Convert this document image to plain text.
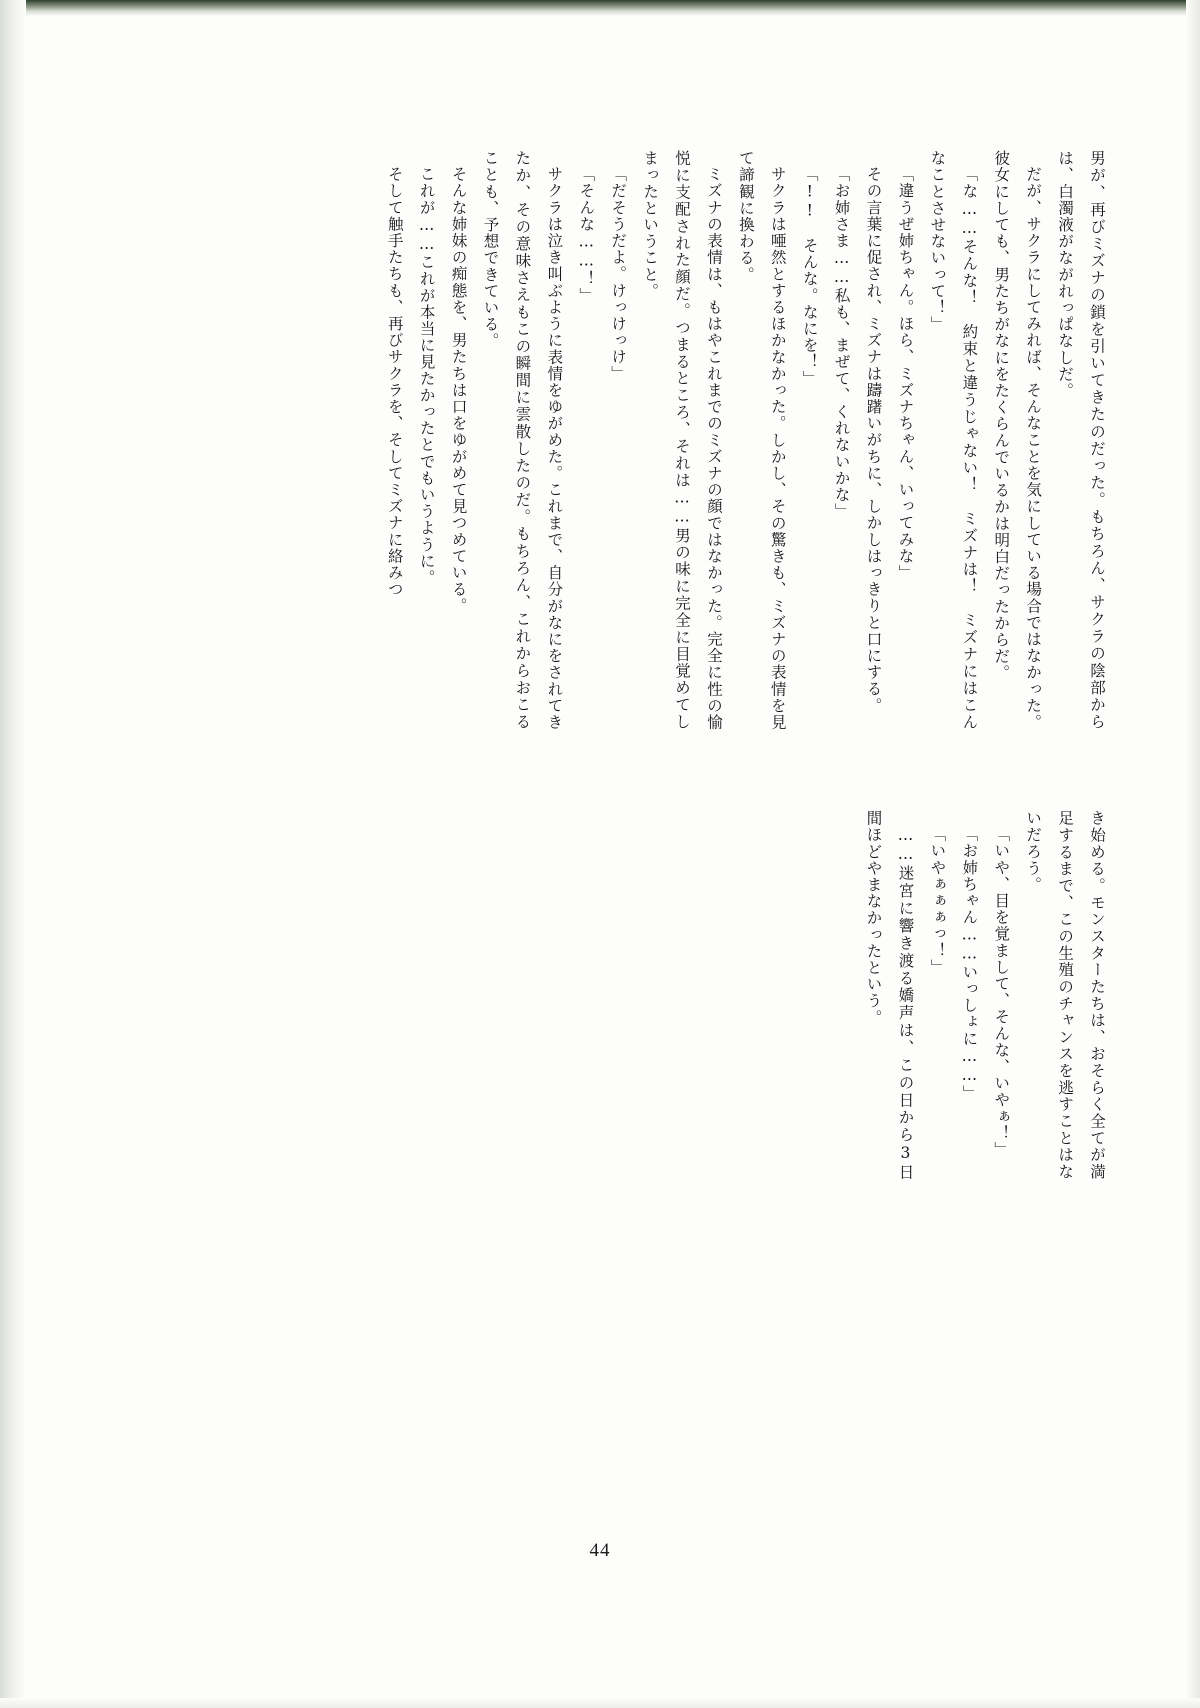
男が、再びミズナの鎖を引いてきたのだった。もちろん、サクラの陰部からは、白濁液がながれっぱなしだ。

だが、サクラにしてみれば、そんなことを気にしている場合ではなかった。彼女にしても、男たちがなにをたくらんでいるかは明白だったからだ。

「な……そんな！　約束と違うじゃない！　ミズナは！　ミズナにはこんなことさせないって！」

「違うぜ姉ちゃん。ほら、ミズナちゃん、いってみな」

その言葉に促され、ミズナは躊躇いがちに、しかしはっきりと口にする。

「お姉さま……私も、まぜて、くれないかな」

「!!　そんな。なにを！」

サクラは唖然とするほかなかった。しかし、その驚きも、ミズナの表情を見て諦観に換わる。

ミズナの表情は、もはやこれまでのミズナの顔ではなかった。完全に性の愉悦に支配された顔だ。つまるところ、それは……男の味に完全に目覚めてしまったということ。

「だそうだよ。けっけっけ」

「そんな……！」

サクラは泣き叫ぶように表情をゆがめた。これまで、自分がなにをされてきたか、その意味さえもこの瞬間に雲散したのだ。もちろん、これからおこることも、予想できている。

そんな姉妹の痴態を、男たちは口をゆがめて見つめている。

これが……これが本当に見たかったとでもいうように。

そして触手たちも、再びサクラを、そしてミズナに絡みつ

き始める。モンスターたちは、おそらく全てが満足するまで、この生殖のチャンスを逃すことはないだろう。

「いや、目を覚まして、そんな、いやぁ！」

「お姉ちゃん……いっしょに……」

「いやぁぁぁっ！」

……迷宮に響き渡る嬌声は、この日から3日間ほどやまなかったという。

44
